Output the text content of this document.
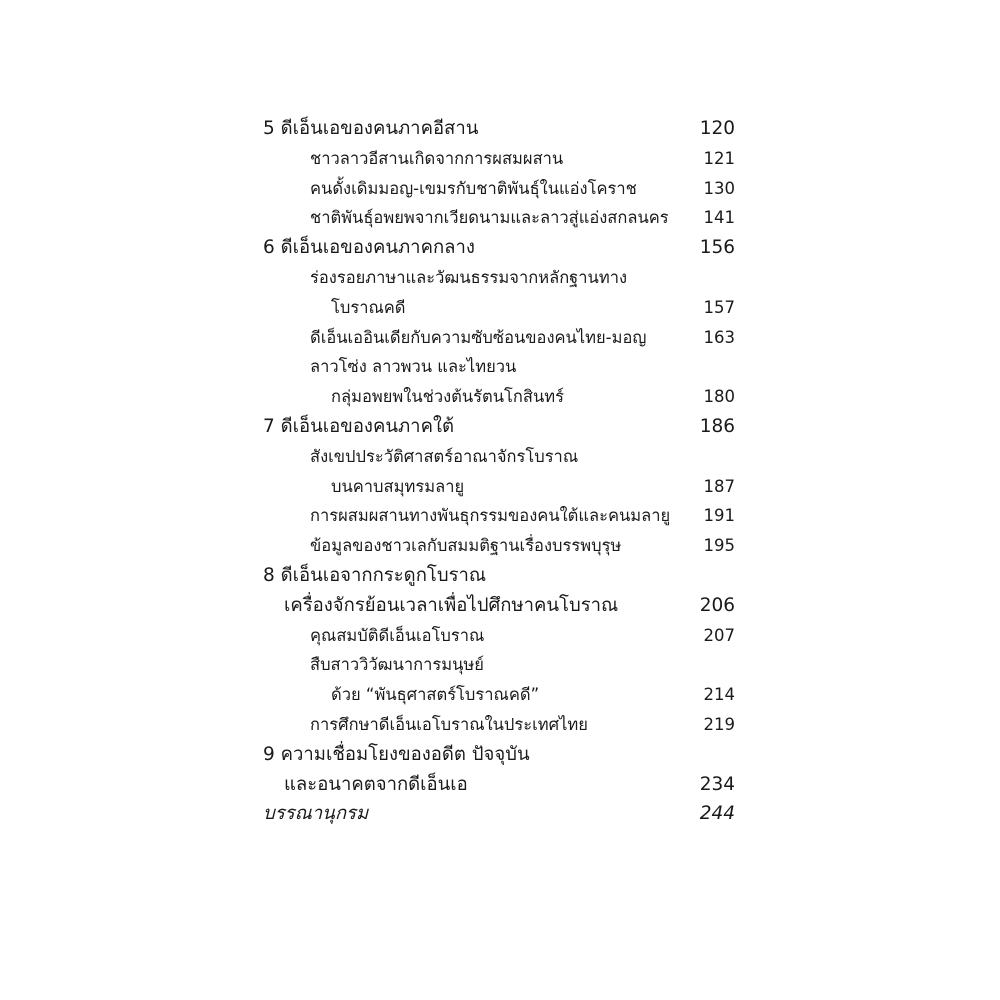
5 ดีเอ็นเอของคนภาคอีสาน	120
ชาวลาวอีสานเกิดจากการผสมผสาน	121
คนดั้งเดิมมอญ-เขมรกับชาติพันธุ์ในแอ่งโคราช	130
ชาติพันธุ์อพยพจากเวียดนามและลาวสู่แอ่งสกลนคร 141
6 ดีเอ็นเอของคนภาคกลาง	156
ร่องรอยภาษาและวัฒนธรรมจากหลักฐานทาง
โบราณคดี	157
ดีเอ็นเออินเดียกับความซับซ้อนของคนไทย-มอญ	163
ลาวโซ่ง ลาวพวน และไทยวน
กลุ่มอพยพในช่วงต้นรัตนโกสินทร์	180
7 ดีเอ็นเอของคนภาคใต้	186
สังเขปประวัติศาสตร์อาณาจักรโบราณ
บนคาบสมุทรมลายู	187
การผสมผสานทางพันธุกรรมของคนใต้และคนมลายู 191
ข้อมูลของชาวเลกับสมมติฐานเรื่องบรรพบุรุษ	195
8 ดีเอ็นเอจากกระดูกโบราณ
เครื่องจักรย้อนเวลาเพื่อไปศึกษาคนโบราณ	206
คุณสมบัติดีเอ็นเอโบราณ	207
สืบสาววิวัฒนาการมนุษย์
ด้วย “พันธุศาสตร์โบราณคดี”	214
การศึกษาดีเอ็นเอโบราณในประเทศไทย	219
9 ความเชื่อมโยงของอดีต ปัจจุบัน
และอนาคตจากดีเอ็นเอ	234
บรรณานุกรม	244
